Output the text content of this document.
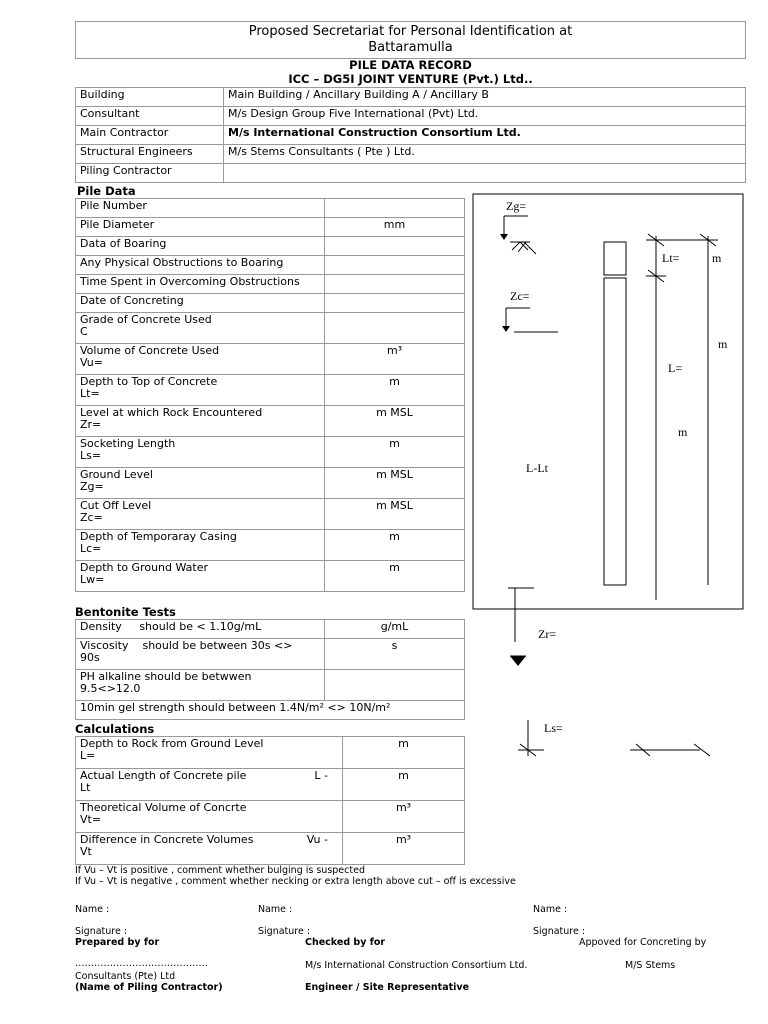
Proposed Secretariat for Personal Identification at
Battaramulla
PILE DATA RECORD
ICC – DG5I JOINT VENTURE (Pvt.) Ltd..
Building	Main Building / Ancillary Building A / Ancillary B
Consultant	M/s Design Group Five International (Pvt) Ltd.
Main Contractor	M/s International Construction Consortium Ltd.
Structural Engineers	M/s Stems Consultants ( Pte ) Ltd.
Piling Contractor	
Pile Data
Pile Number	
Pile Diameter	mm
Data of Boaring	
Any Physical Obstructions to Boaring	
Time Spent in Overcoming Obstructions	
Date of Concreting	

Grade of Concrete Used
C	

Volume of Concrete Used
Vu=	m³

Depth to Top of Concrete
Lt=	m

Level at which Rock Encountered
Zr=	m MSL

Socketing Length
Ls=	m

Ground Level
Zg=	m MSL

Cut Off Level
Zc=	m MSL

Depth of Temporaray Casing
Lc=	m

Depth to Ground Water
Lw=	m
Bentonite Tests
Density should be < 1.10g/mL	g/mL

Viscosity should be between 30s <>
90s	s

PH alkaline should be betwwen
9.5<>12.0	

10min gel strength should between 1.4N/m² <> 10N/m²	
Calculations
Depth to Rock from Ground Level
L=	m

Actual Length of Concrete pile L -
Lt	m

Theoretical Volume of Concrte
Vt=	m³

Difference in Concrete Volumes Vu -
Vt	m³
If Vu – Vt is positive , comment whether bulging is suspected
If Vu – Vt is negative , comment whether necking or extra length above cut – off is excessive
Zg=
Zc=
Lt=	m
m
L=
m
L-Lt
Zr=
Ls=
Name :	Name :	Name :
Signature :	Signature :	Signature :
Prepared by for	Checked by for	Appoved for Concreting by
……………………………………	M/s International Construction Consortium Ltd.	M/S Stems
Consultants (Pte) Ltd
(Name of Piling Contractor)	Engineer / Site Representative
